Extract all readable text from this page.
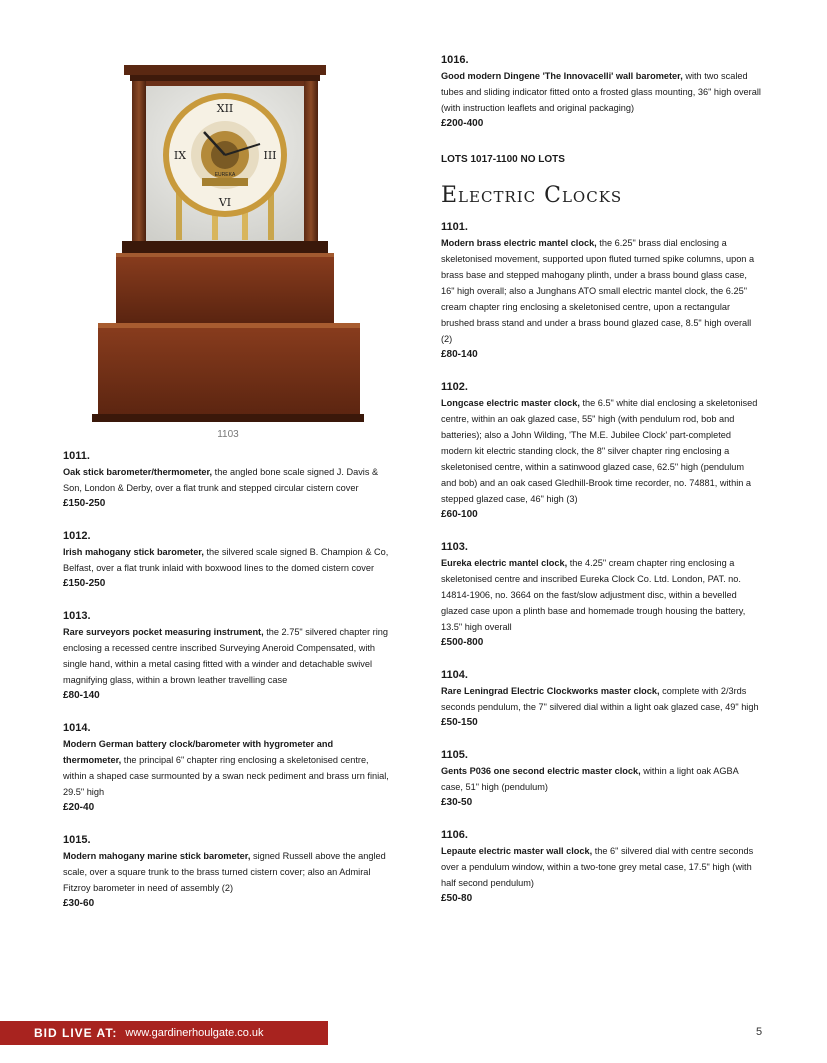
XII
III
VI
IX
EUREKA
1103
1011.
Oak stick barometer/thermometer, the angled bone scale signed J. Davis & Son, London & Derby, over a flat trunk and stepped circular cistern cover
£150-250
1012.
Irish mahogany stick barometer, the silvered scale signed B. Champion & Co, Belfast, over a flat trunk inlaid with boxwood lines to the domed cistern cover
£150-250
1013.
Rare surveyors pocket measuring instrument, the 2.75" silvered chapter ring enclosing a recessed centre inscribed Surveying Aneroid Compensated, with single hand, within a metal casing fitted with a winder and detachable swivel magnifying glass, within a brown leather travelling case
£80-140
1014.
Modern German battery clock/barometer with hygrometer and thermometer, the principal 6" chapter ring enclosing a skeletonised centre, within a shaped case surmounted by a swan neck pediment and brass urn finial, 29.5" high
£20-40
1015.
Modern mahogany marine stick barometer, signed Russell above the angled scale, over a square trunk to the brass turned cistern cover; also an Admiral Fitzroy barometer in need of assembly (2)
£30-60
1016.
Good modern Dingene 'The Innovacelli' wall barometer, with two scaled tubes and sliding indicator fitted onto a frosted glass mounting, 36" high overall (with instruction leaflets and original packaging)
£200-400
LOTS 1017-1100 NO LOTS
Electric Clocks
1101.
Modern brass electric mantel clock, the 6.25" brass dial enclosing a skeletonised movement, supported upon fluted turned spike columns, upon a brass base and stepped mahogany plinth, under a brass bound glass case, 16" high overall; also a Junghans ATO small electric mantel clock, the 6.25" cream chapter ring enclosing a skeletonised centre, upon a rectangular brushed brass stand and under a brass bound glazed case, 8.5" high overall (2)
£80-140
1102.
Longcase electric master clock, the 6.5" white dial enclosing a skeletonised centre, within an oak glazed case, 55" high (with pendulum rod, bob and batteries); also a John Wilding, 'The M.E. Jubilee Clock' part-completed modern kit electric standing clock, the 8" silver chapter ring enclosing a skeletonised centre, within a satinwood glazed case, 62.5" high (pendulum and bob) and an oak cased Gledhill-Brook time recorder, no. 74881, within a stepped glazed case, 46" high (3)
£60-100
1103.
Eureka electric mantel clock, the 4.25" cream chapter ring enclosing a skeletonised centre and inscribed Eureka Clock Co. Ltd. London, PAT. no. 14814-1906, no. 3664 on the fast/slow adjustment disc, within a bevelled glazed case upon a plinth base and homemade trough housing the battery, 13.5" high overall
£500-800
1104.
Rare Leningrad Electric Clockworks master clock, complete with 2/3rds seconds pendulum, the 7" silvered dial within a light oak glazed case, 49" high
£50-150
1105.
Gents P036 one second electric master clock, within a light oak AGBA case, 51" high (pendulum)
£30-50
1106.
Lepaute electric master wall clock, the 6" silvered dial with centre seconds over a pendulum window, within a two-tone grey metal case, 17.5" high (with half second pendulum)
£50-80
BID LIVE AT: www.gardinerhoulgate.co.uk	5
